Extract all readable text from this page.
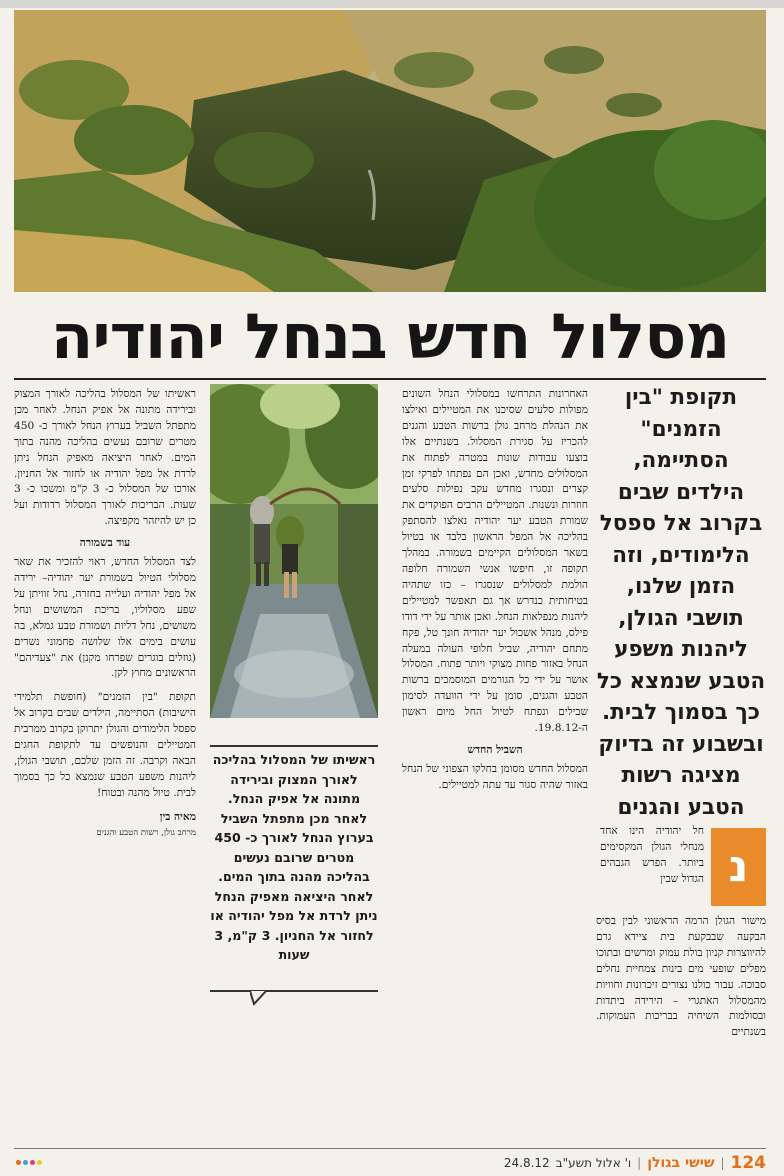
מסלול חדש בנחל יהודיה
תקופת "בין הזמנים" הסתיימה, הילדים שבים בקרוב אל ספסל הלימודים, וזה הזמן שלנו, תושבי הגולן, ליהנות משפע הטבע שנמצא כל כך בסמוך לבית. ובשבוע זה בדיוק מציגה רשות הטבע והגנים
נ

חל יהודיה הינו אחד מנחלי הגולן המקסימים ביותר. הפרש הגבהים הגדול שבין

מישור הגולן הרמה הראשוני לבין בסיס הבקעה שבבקעת בית ציידא גרם להיווצרות קניון בולת עמוק ומרשים ובתוכו מפלים שופעי מים בינות צמחיית נחלים סבוכה. עבור כולנו נצורים זיכרונות וחוויות מהמסלול האתגרי – הירידה ביתדות ובסולמות השיחיה בבריכות העמוקות. בשנתיים

האחרונות התרחשו במסלולי הנחל השונים מפולות סלעים שסיכנו את המטיילים ואילצו את הנהלת מרחב גולן ברשות הטבע והגנים להכריז על סגירת המסלול. בשנתיים אלו בוצעו עבודות שונות במטרה לפתוח את המסלולים מחדש, ואכן הם נפתחו לפרקי זמן קצרים ונסגרו מחדש עקב נפילות סלעים חוזרות ונשנות. המטיילים הרבים הפוקדים את שמורת הטבע יער יהודיה נאלצו להסתפק בהליכה אל המפל הראשון בלבד או בטיול בשאר המסלולים הקיימים בשמורה. במהלך תקופה זו, חיפשו אנשי השמורה חלופה הולמת למסלולים שנסגרו – כזו שתהיה בטיחותית כנדרש אך גם תאפשר למטיילים ליהנות מנפלאות הנחל. ואכן אותר על ידי דודו פילס, מנהל אשכול יער יהודיה חונך טל, פקח מתחם יהודיה, שביל חלופי העולה במעלה הנחל באזור פחות מצוקי ויותר פתוח. המסלול אושר על ידי כל הגורמים המוסמכים ברשות הטבע והגנים, סומן על ידי הוועדה לסימון שבילים ונפתח לטיול החל מיום ראשון ה-19.8.12.

השביל החדש

המסלול החדש מסומן בחלקו הצפוני של הנחל באזור שהיה סגור עד עתה למטיילים.

ראשיתו של המסלול בהליכה לאורך המצוק ובירידה מתונה אל אפיק הנחל. לאחר מכן מתפתל השביל בערוץ הנחל לאורך כ- 450 מטרים שרובם נעשים בהליכה מהנה בתוך המים. לאחר היציאה מאפיק הנחל ניתן לרדת אל מפל יהודיה או לחזור אל החניון. 3 ק"מ, 3 שעות

ראשיתו של המסלול בהליכה לאורך המצוק ובירידה מתונה אל אפיק הנחל. לאחר מכן מתפתל השביל בערוץ הנחל לאורך כ- 450 מטרים שרובם נעשים בהליכה מהנה בתוך המים. לאחר היציאה מאפיק הנחל ניתן לרדת אל מפל יהודיה או לחזור אל החניון. אורכו של המסלול כ- 3 ק"מ ומשכו כ- 3 שעות. הבריכות לאורך המסלול רדודות ועל כן יש להיזהר מקפיצה.

עוד בשמורה

לצד המסלול החדש, ראוי להזכיר את שאר מסלולי הטיול בשמורת יער יהודיה– ירידה אל מפל יהודיה ועלייה בחזרה, נחל זוויתן על שפע מסלוליו, בריכת המשושים ונחל משושים, נחל דליות ושמורת טבע גמלא, בה עושים בימים אלו שלושה פחמוני נשרים (גוזלים בוגרים שפרחו מקנן) את "צעדיהם" הראשונים מחוץ לקן.

תקופת "בין הזמנים" (חופשת תלמידי הישיבות) הסתיימה, הילדים שבים בקרוב אל ספסל הלימודים והגולן יתרוקן בקרוב ממרבית המטיילים והנופשים עד לתקופת החגים הבאה וקרבה. זה הזמן שלכם, תושבי הגולן, ליהנות משפע הטבע שנמצא כל כך בסמוך לבית. טיול מהנה ובטוח!

מאיה בין

מרחב גולן, רשות הטבע והגנים

124
|
שישי בגולן
|
ו' אלול תשע"ב
24.8.12
